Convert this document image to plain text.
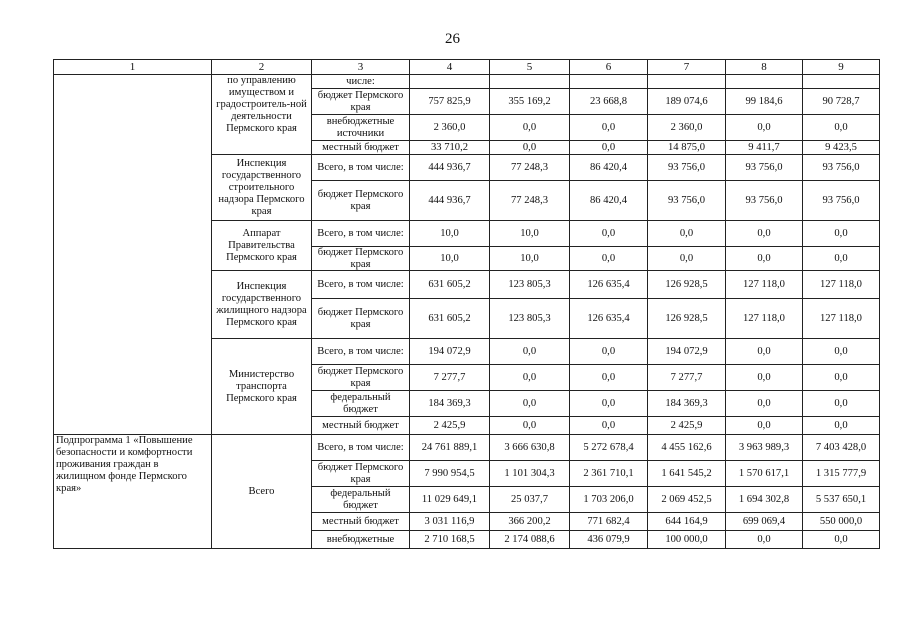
26
1	2	3	4	5	6	7	8	9
	по управлению имуществом и градостроитель-ной деятельности Пермского края	числе:						
		бюджет Пермского края	757 825,9	355 169,2	23 668,8	189 074,6	99 184,6	90 728,7
		внебюджетные источники	2 360,0	0,0	0,0	2 360,0	0,0	0,0
		местный бюджет	33 710,2	0,0	0,0	14 875,0	9 411,7	9 423,5
	Инспекция государственного строительного надзора Пермского края	Всего, в том числе:	444 936,7	77 248,3	86 420,4	93 756,0	93 756,0	93 756,0
		бюджет Пермского края	444 936,7	77 248,3	86 420,4	93 756,0	93 756,0	93 756,0
	Аппарат Правительства Пермского края	Всего, в том числе:	10,0	10,0	0,0	0,0	0,0	0,0
		бюджет Пермского края	10,0	10,0	0,0	0,0	0,0	0,0
	Инспекция государственного жилищного надзора Пермского края	Всего, в том числе:	631 605,2	123 805,3	126 635,4	126 928,5	127 118,0	127 118,0
		бюджет Пермского края	631 605,2	123 805,3	126 635,4	126 928,5	127 118,0	127 118,0
	Министерство транспорта Пермского края	Всего, в том числе:	194 072,9	0,0	0,0	194 072,9	0,0	0,0
		бюджет Пермского края	7 277,7	0,0	0,0	7 277,7	0,0	0,0
		федеральный бюджет	184 369,3	0,0	0,0	184 369,3	0,0	0,0
		местный бюджет	2 425,9	0,0	0,0	2 425,9	0,0	0,0
Подпрограмма 1 «Повышение безопасности и комфортности проживания граждан в жилищном фонде Пермского края»	Всего	Всего, в том числе:	24 761 889,1	3 666 630,8	5 272 678,4	4 455 162,6	3 963 989,3	7 403 428,0
		бюджет Пермского края	7 990 954,5	1 101 304,3	2 361 710,1	1 641 545,2	1 570 617,1	1 315 777,9
		федеральный бюджет	11 029 649,1	25 037,7	1 703 206,0	2 069 452,5	1 694 302,8	5 537 650,1
		местный бюджет	3 031 116,9	366 200,2	771 682,4	644 164,9	699 069,4	550 000,0
		внебюджетные	2 710 168,5	2 174 088,6	436 079,9	100 000,0	0,0	0,0
